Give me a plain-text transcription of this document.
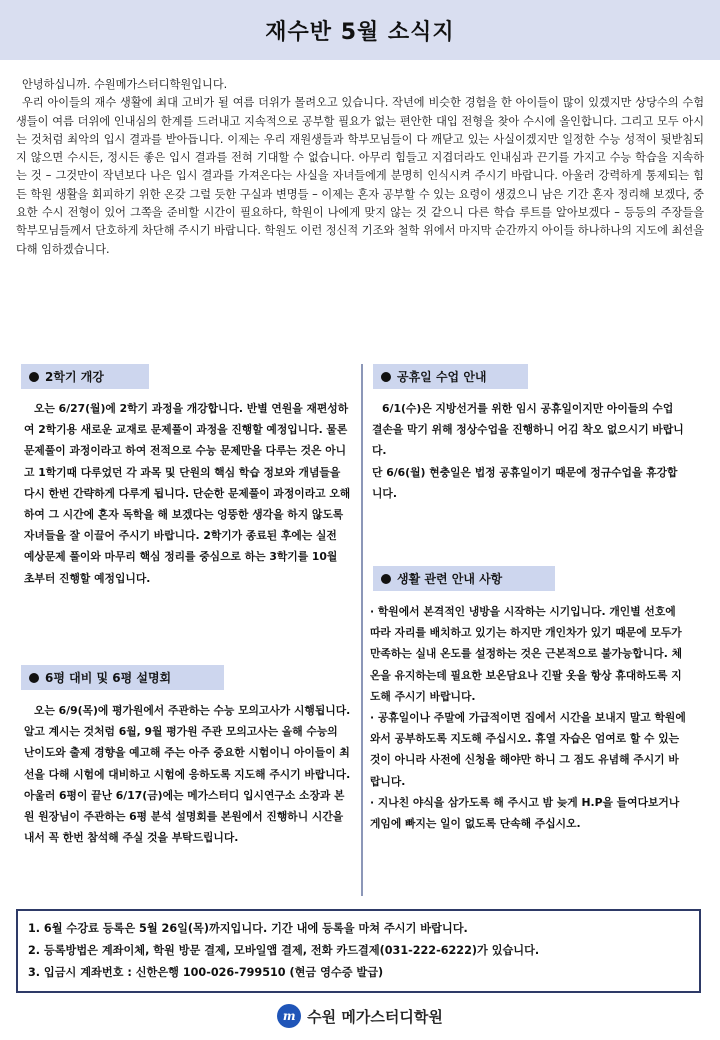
재수반 5월 소식지

안녕하십니까. 수원메가스터디학원입니다.

우리 아이들의 재수 생활에 최대 고비가 될 여름 더위가 몰려오고 있습니다. 작년에 비슷한 경험을 한 아이들이 많이 있겠지만 상당수의 수험생들이 여름 더위에 인내심의 한계를 드러내고 지속적으로 공부할 필요가 없는 편안한 대입 전형을 찾아 수시에 올인합니다. 그리고 모두 아시는 것처럼 최악의 입시 결과를 받아듭니다. 이제는 우리 재원생들과 학부모님들이 다 깨닫고 있는 사실이겠지만 일정한 수능 성적이 뒷받침되지 않으면 수시든, 정시든 좋은 입시 결과를 전혀 기대할 수 없습니다. 아무리 힘들고 지겹더라도 인내심과 끈기를 가지고 수능 학습을 지속하는 것 – 그것만이 작년보다 나은 입시 결과를 가져온다는 사실을 자녀들에게 분명히 인식시켜 주시기 바랍니다. 아울러 강력하게 통제되는 힘든 학원 생활을 회피하기 위한 온갖 그럴 듯한 구실과 변명들 – 이제는 혼자 공부할 수 있는 요령이 생겼으니 남은 기간 혼자 정리해 보겠다, 중요한 수시 전형이 있어 그쪽을 준비할 시간이 필요하다, 학원이 나에게 맞지 않는 것 같으니 다른 학습 루트를 알아보겠다 – 등등의 주장들을 학부모님들께서 단호하게 차단해 주시기 바랍니다. 학원도 이런 정신적 기조와 철학 위에서 마지막 순간까지 아이들 하나하나의 지도에 최선을 다해 임하겠습니다.

2학기 개강

오는 6/27(월)에 2학기 과정을 개강합니다. 반별 연원을 재편성하여 2학기용 새로운 교재로 문제풀이 과정을 진행할 예정입니다. 물론 문제풀이 과정이라고 하여 전적으로 수능 문제만을 다루는 것은 아니고 1학기때 다루었던 각 과목 및 단원의 핵심 학습 정보와 개념들을 다시 한번 간략하게 다루게 됩니다. 단순한 문제풀이 과정이라고 오해하여 그 시간에 혼자 독학을 해 보겠다는 엉뚱한 생각을 하지 않도록 자녀들을 잘 이끌어 주시기 바랍니다. 2학기가 종료된 후에는 실전 예상문제 풀이와 마무리 핵심 정리를 중심으로 하는 3학기를 10월 초부터 진행할 예정입니다.

6평 대비 및 6평 설명회

오는 6/9(목)에 평가원에서 주관하는 수능 모의고사가 시행됩니다. 알고 계시는 것처럼 6월, 9월 평가원 주관 모의고사는 올해 수능의 난이도와 출제 경향을 예고해 주는 아주 중요한 시험이니 아이들이 최선을 다해 시험에 대비하고 시험에 응하도록 지도해 주시기 바랍니다. 아울러 6평이 끝난 6/17(금)에는 메가스터디 입시연구소 소장과 본원 원장님이 주관하는 6평 분석 설명회를 본원에서 진행하니 시간을 내서 꼭 한번 참석해 주실 것을 부탁드립니다.

공휴일 수업 안내

6/1(수)은 지방선거를 위한 임시 공휴일이지만 아이들의 수업 결손을 막기 위해 정상수업을 진행하니 어김 착오 없으시기 바랍니다.

단 6/6(월) 현충일은 법정 공휴일이기 때문에 정규수업을 휴강합니다.

생활 관련 안내 사항

· 학원에서 본격적인 냉방을 시작하는 시기입니다. 개인별 선호에 따라 자리를 배치하고 있기는 하지만 개인차가 있기 때문에 모두가 만족하는 실내 온도를 설정하는 것은 근본적으로 불가능합니다. 체온을 유지하는데 필요한 보온담요나 긴팔 옷을 항상 휴대하도록 지도해 주시기 바랍니다.

· 공휴일이나 주말에 가급적이면 집에서 시간을 보내지 말고 학원에 와서 공부하도록 지도해 주십시오. 휴열 자습은 엄여로 할 수 있는 것이 아니라 사전에 신청을 해야만 하니 그 점도 유념해 주시기 바랍니다.

· 지나친 야식을 삼가도록 해 주시고 밤 늦게 H.P을 들여다보거나 게임에 빠지는 일이 없도록 단속해 주십시오.

1. 6월 수강료 등록은 5월 26일(목)까지입니다. 기간 내에 등록을 마쳐 주시기 바랍니다.

2. 등록방법은 계좌이체, 학원 방문 결제, 모바일앱 결제, 전화 카드결제(031-222-6222)가 있습니다.

3. 입금시 계좌번호 : 신한은행 100-026-799510 (현금 영수증 발급)

m 수원 메가스터디학원
